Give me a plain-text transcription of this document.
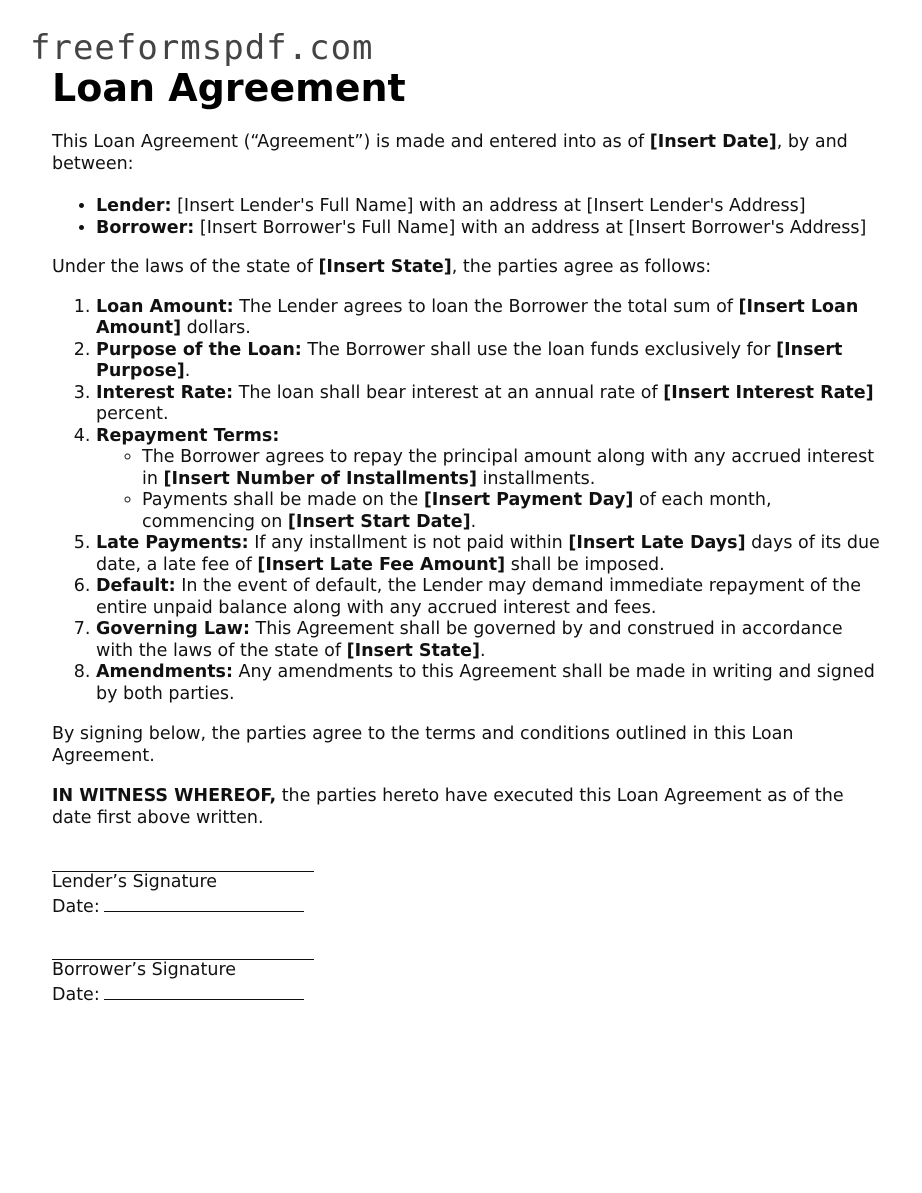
freeformspdf.com
Loan Agreement

This Loan Agreement (“Agreement”) is made and entered into as of [Insert Date], by and between:

• Lender: [Insert Lender's Full Name] with an address at [Insert Lender's Address]
• Borrower: [Insert Borrower's Full Name] with an address at [Insert Borrower's Address]

Under the laws of the state of [Insert State], the parties agree as follows:

1. Loan Amount: The Lender agrees to loan the Borrower the total sum of [Insert Loan Amount] dollars.
2. Purpose of the Loan: The Borrower shall use the loan funds exclusively for [Insert Purpose].
3. Interest Rate: The loan shall bear interest at an annual rate of [Insert Interest Rate] percent.
4. Repayment Terms:
◦ The Borrower agrees to repay the principal amount along with any accrued interest in [Insert Number of Installments] installments.
◦ Payments shall be made on the [Insert Payment Day] of each month, commencing on [Insert Start Date].
5. Late Payments: If any installment is not paid within [Insert Late Days] days of its due date, a late fee of [Insert Late Fee Amount] shall be imposed.
6. Default: In the event of default, the Lender may demand immediate repayment of the entire unpaid balance along with any accrued interest and fees.
7. Governing Law: This Agreement shall be governed by and construed in accordance with the laws of the state of [Insert State].
8. Amendments: Any amendments to this Agreement shall be made in writing and signed by both parties.

By signing below, the parties agree to the terms and conditions outlined in this Loan Agreement.

IN WITNESS WHEREOF, the parties hereto have executed this Loan Agreement as of the date first above written.

Lender’s Signature
Date:
Borrower’s Signature
Date:
